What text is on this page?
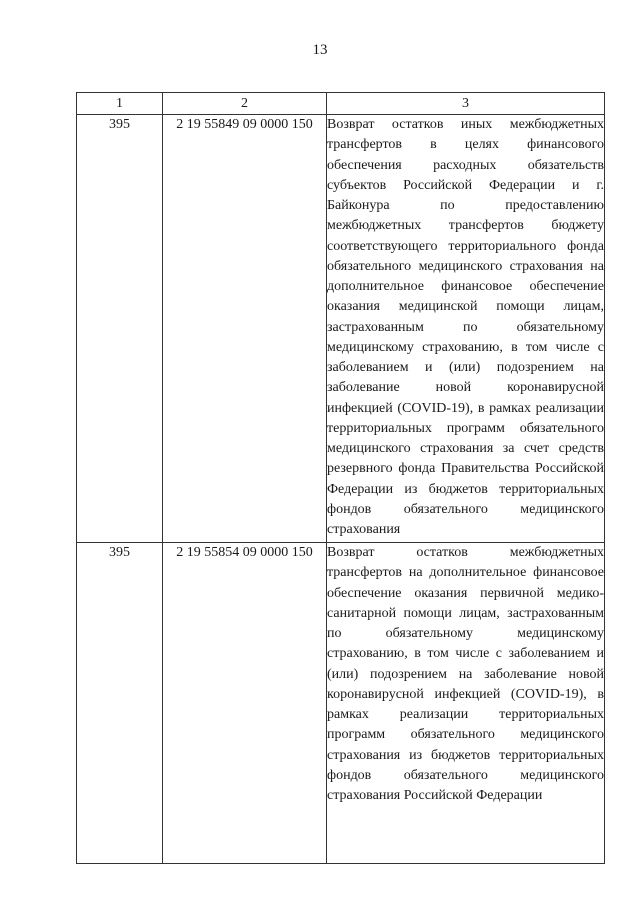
13
1	2	3
395	2 19 55849 09 0000 150	Возврат остатков иных межбюджетных трансфертов в целях финансового обеспечения расходных обязательств субъектов Российской Федерации и г. Байконура по предоставлению межбюджетных трансфертов бюджету соответствующего территориального фонда обязательного медицинского страхования на дополнительное финансовое обеспечение оказания медицинской помощи лицам, застрахованным по обязательному медицинскому страхованию, в том числе с заболеванием и (или) подозрением на заболевание новой коронавирусной инфекцией (COVID-19), в рамках реализации территориальных программ обязательного медицинского страхования за счет средств резервного фонда Правительства Российской Федерации из бюджетов территориальных фондов обязательного медицинского страхования

395	2 19 55854 09 0000 150	Возврат остатков межбюджетных трансфертов на дополнительное финансовое обеспечение оказания первичной медико-санитарной помощи лицам, застрахованным по обязательному медицинскому страхованию, в том числе с заболеванием и (или) подозрением на заболевание новой коронавирусной инфекцией (COVID-19), в рамках реализации территориальных программ обязательного медицинского страхования из бюджетов территориальных фондов обязательного медицинского страхования Российской Федерации
